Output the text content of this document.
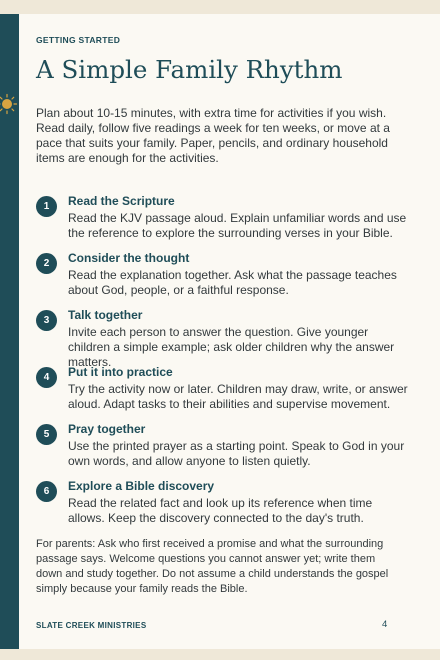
GETTING STARTED
A Simple Family Rhythm

Plan about 10-15 minutes, with extra time for activities if you wish. Read daily, follow five readings a week for ten weeks, or move at a pace that suits your family. Paper, pencils, and ordinary household items are enough for the activities.

1	Read the Scripture
Read the KJV passage aloud. Explain unfamiliar words and use the reference to explore the surrounding verses in your Bible.
2	Consider the thought
Read the explanation together. Ask what the passage teaches about God, people, or a faithful response.
3	Talk together
Invite each person to answer the question. Give younger children a simple example; ask older children why the answer matters.
4	Put it into practice
Try the activity now or later. Children may draw, write, or answer aloud. Adapt tasks to their abilities and supervise movement.
5	Pray together
Use the printed prayer as a starting point. Speak to God in your own words, and allow anyone to listen quietly.
6	Explore a Bible discovery
Read the related fact and look up its reference when time allows. Keep the discovery connected to the day's truth.

For parents: Ask who first received a promise and what the surrounding passage says. Welcome questions you cannot answer yet; write them down and study together. Do not assume a child understands the gospel simply because your family reads the Bible.

SLATE CREEK MINISTRIES	4
